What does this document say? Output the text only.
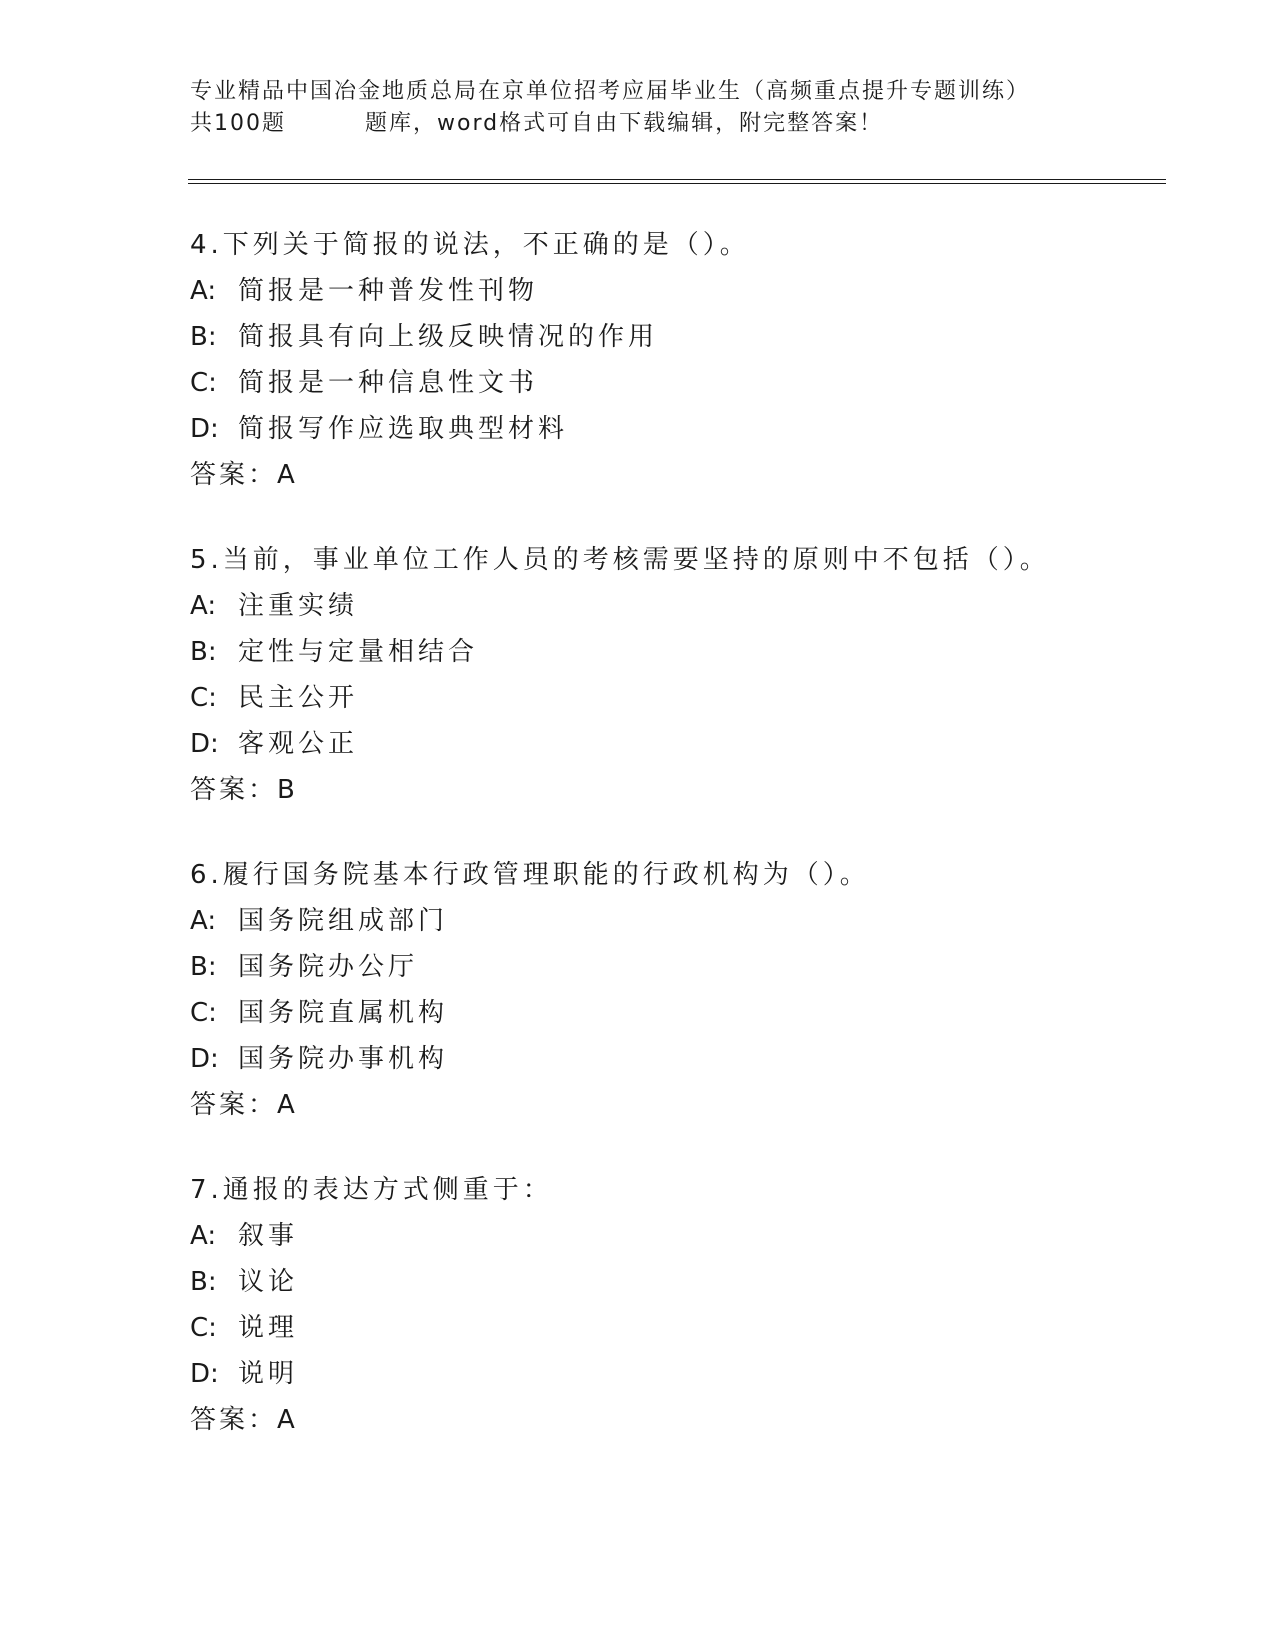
专业精品中国冶金地质总局在京单位招考应届毕业生（高频重点提升专题训练）
共100题	题库，word格式可自由下载编辑，附完整答案！
4.下列关于简报的说法，不正确的是（）。
A: 简报是一种普发性刊物
B: 简报具有向上级反映情况的作用
C: 简报是一种信息性文书
D: 简报写作应选取典型材料
答案：A
5.当前，事业单位工作人员的考核需要坚持的原则中不包括（）。
A: 注重实绩
B: 定性与定量相结合
C: 民主公开
D: 客观公正
答案：B
6.履行国务院基本行政管理职能的行政机构为（）。
A: 国务院组成部门
B: 国务院办公厅
C: 国务院直属机构
D: 国务院办事机构
答案：A
7.通报的表达方式侧重于：
A: 叙事
B: 议论
C: 说理
D: 说明
答案：A
